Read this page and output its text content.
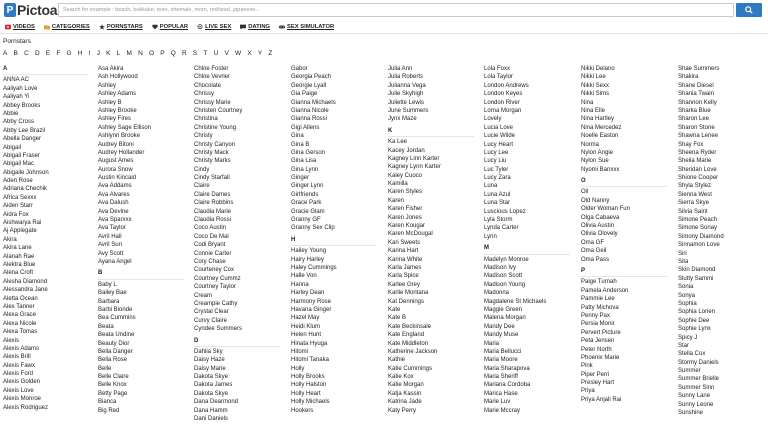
P Pictoa	Search for example : beach, bukkake, teen, shemale, mom, redhead, japanese...
VIDEOS	CATEGORIES	PORNSTARS	POPULAR	LIVE SEX	DATING	SEX SIMULATOR
Pornstars
A B C D E F G H I J K L M N O P Q R S T U V W X Y Z
A
ANNA AC
Aaliyah Love
Aaliyah Yi
Abbey Brooks
Abbie
Abby Cross
Abby Lee Brazil
Abella Danger
Abigail
Abigail Fraser
Abigail Mac
Abigaile Johnson
Aden Rose
Adriana Chechik
Africa Sexxx
Aiden Starr
Aidra Fox
Aishwarya Rai
Aj Applegate
Akira
Akira Lane
Alanah Rae
Alektra Blue
Alena Croft
Alesha Diamond
Alessandra Jane
Aletta Ocean
Alex Tanner
Alexa Grace
Alexa Nicole
Alexa Tomas
Alexis
Alexis Adams
Alexis Brill
Alexis Fawx
Alexis Ford
Alexis Golden
Alexis Love
Alexis Monroe
Alexis Rodriguez
Asa Akira
Ash Hollywood
Ashley
Ashley Adams
Ashley B
Ashley Brooke
Ashley Fires
Ashley Sage Ellison
Ashlynn Brooke
Audrey Bitoni
Audrey Hollander
August Ames
Aurora Snow
Austin Kincaid
Ava Addams
Ava Alvares
Ava Dalush
Ava Devine
Ava Sparxxx
Ava Taylor
Avril Hall
Avril Sun
Avy Scott
Ayana Angel
B
Baby L
Bailey Bae
Barbara
Barbi Blonde
Bea Cummins
Beata
Beata Undine
Beauty Dior
Bella Danger
Bella Rose
Belle
Belle Claire
Belle Knox
Betty Page
Bianca
Big Red
Chloe Foster
Chloe Vevrier
Chocolate
Chrissy
Chrissy Marie
Christen Courtney
Christina
Christine Young
Christy
Christy Canyon
Christy Mack
Christy Marks
Cindy
Cindy Starfall
Claire
Claire Dames
Claire Robbins
Claudia Marie
Claudia Rossi
Coco Austin
Coco De Mal
Codi Bryant
Connie Carter
Cory Chase
Courteney Cox
Courtney Cummz
Courtney Taylor
Cream
Creampie Cathy
Crystal Clear
Curvy Claire
Cyndee Summers
D
Dahlia Sky
Daisy Haze
Daisy Marie
Dakota Skye
Dakota James
Dakota Skye
Dana Dearmond
Dana Hamm
Dani Daniels
Gabor
Georgia Peach
Georgie Lyall
Gia Paige
Gianna Michaels
Gianna Nicole
Gianna Rossi
Gigi Allens
Gina
Gina B
Gina Gerson
Gina Lisa
Gina Lynn
Ginger
Ginger Lynn
Girlfriends
Grace Park
Gracie Glam
Granny GF
Granny Sex Clip
H
Hailey Young
Hairy Harley
Haley Cummings
Halle Von
Hanna
Harley Dean
Harmony Rose
Havana Ginger
Hazel May
Heidi Klum
Helen Hunt
Hinata Hyuga
Hitomi
Hitomi Tanaka
Holly
Holly Brooks
Holly Halston
Holly Heart
Holly Michaels
Hookers
Julia Ann
Julia Roberts
Julianna Vega
Julie Skyhigh
Juliette Lewis
June Summers
Jynx Maze
K
Ka Lee
Kacey Jordan
Kagney Linn Karter
Kagney Lynn Karter
Kaley Cuoco
Kamilla
Karen Styles
Karen
Karen Fisher
Karen Jones
Karen Kougar
Karen McDougal
Kari Sweets
Karina Hart
Karina White
Karla James
Karla Spice
Karlee Grey
Karlie Montana
Kat Dennings
Kate
Kate B
Kate Beckinsale
Kate England
Kate Middleton
Katherine Jackson
Kathie
Katie Cummings
Katie Kox
Katie Morgan
Katja Kassin
Katrina Jade
Katy Perry
Lola Foxx
Lola Taylor
London Andrews
London Keyes
London River
Lorna Morgan
Lovely
Lucia Love
Lucie Wilde
Lucy Heart
Lucy Lee
Lucy Liu
Luc Tyler
Lucy Zara
Luna
Luna Azul
Luna Star
Luscious Lopez
Lyla Storm
Lynda Carter
Lynn
M
Madelyn Monroe
Madison Ivy
Madison Scott
Madison Young
Madonna
Magdalene St Michaels
Maggie Green
Malena Morgan
Mandy Dee
Mandy Muse
Maria
Maria Bellucci
Maria Moore
Maria Sharapova
Maria Sheriff
Mariana Cordoba
Marica Hase
Marie Luv
Marie Mccray
Nikki Delano
Nikki Lee
Nikki Sexx
Nikki Sims
Nina
Nina Elle
Nina Hartley
Nina Mercedez
Noelle Easton
Norma
Nylon Angie
Nylon Sue
Nyomi Banxxx
O
Oil
Old Nanny
Older Woman Fun
Olga Cabaeva
Olivia Austin
Olivia Olovely
Oma GF
Oma Geil
Oma Pass
P
Paige Turnah
Pamela Anderson
Pammie Lee
Patty Michova
Penny Pax
Persia Monir
Pervert Picture
Peta Jensen
Peter North
Phoenix Marie
Pink
Piper Perri
Presley Hart
Priya
Priya Anjali Rai
Shae Summers
Shakira
Shane Diesel
Shania Twain
Shannon Kelly
Sharka Blue
Sharon Lee
Sharon Stone
Shawna Lenee
Shay Fox
Sheena Ryder
Sheila Marie
Sheridan Love
Shione Cooper
Shyla Stylez
Sienna West
Sierra Skye
Silvia Saint
Simone Peach
Simone Sonay
Simony Diamond
Sinnamon Love
Siri
Sita
Skin Diamond
Slutty Sammi
Sonia
Sonya
Sophia
Sophia Lorien
Sophie Dee
Sophie Lynx
Spicy J
Star
Stella Cox
Stormy Daniels
Summer
Summer Brielle
Summer Sinn
Sunny Lane
Sunny Leone
Sunshine
